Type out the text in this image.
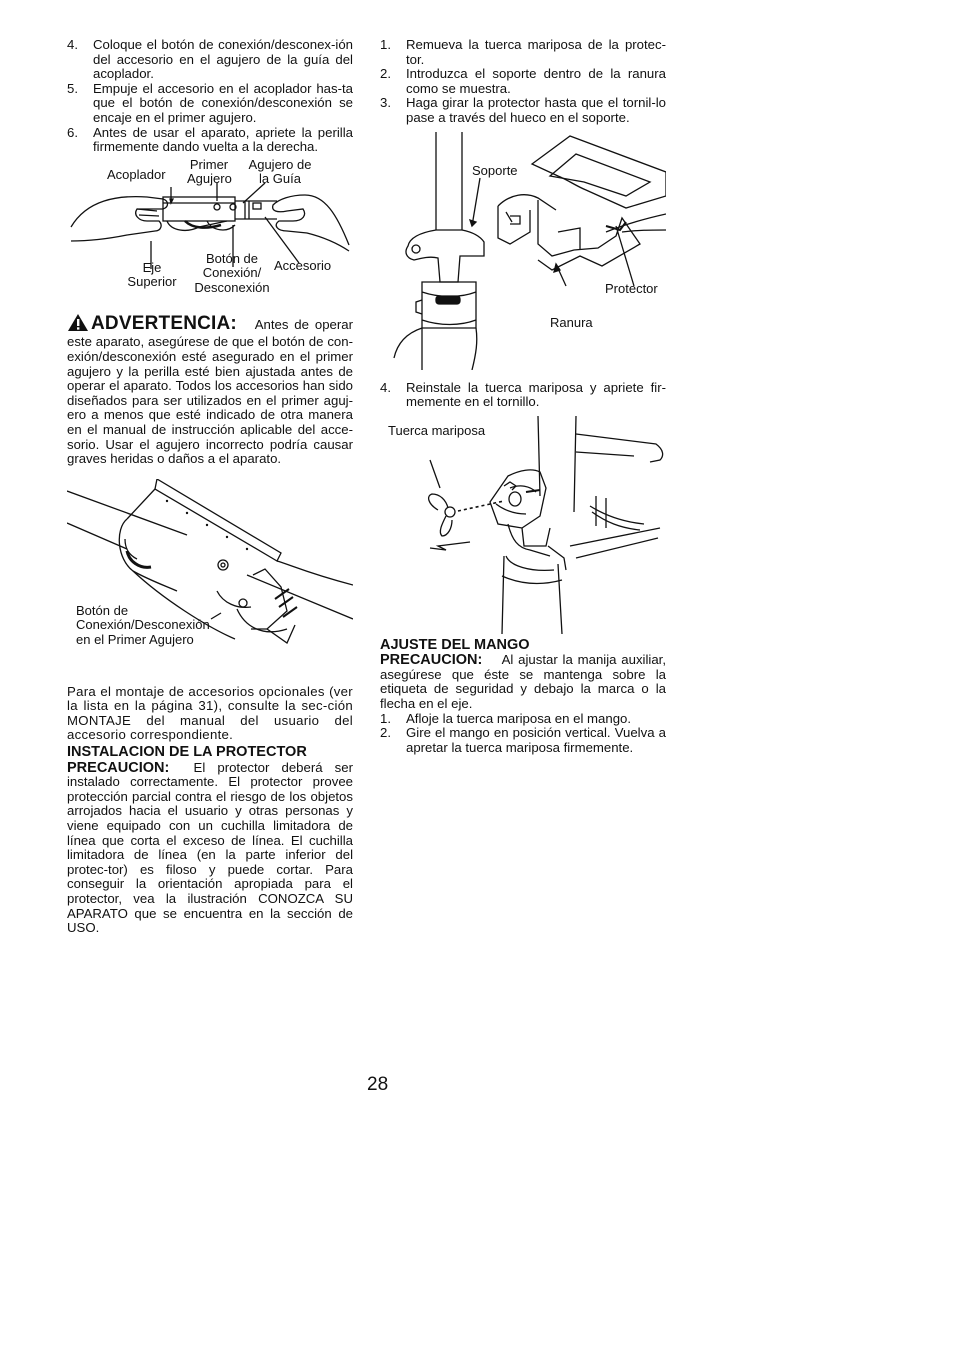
4.	Coloque el botón de conexión/desconex-ión del accesorio en el agujero de la guía del acoplador.
5.	Empuje el accesorio en el acoplador has-ta que el botón de conexión/desconexión se encaje en el primer agujero.
6.	Antes de usar el aparato, apriete la perilla firmemente dando vuelta a la derecha.
Acoplador
Primer
Agujero
Agujero de
la Guía
Eje
Superior
Botón de
Conexión/
Desconexión
Accesorio

ADVERTENCIA: Antes de operar este aparato, asegúrese de que el botón de con-exión/desconexión esté asegurado en el primer agujero y la perilla esté bien ajustada antes de operar el aparato. Todos los accesorios han sido diseñados para ser utilizados en el primer aguj-ero a menos que esté indicado de otra manera en el manual de instrucción aplicable del acce-sorio. Usar el agujero incorrecto podría causar graves heridas o daños a el aparato.

Botón de
Conexión/Desconexión
en el Primer Agujero

Para el montaje de accesorios opcionales (ver la lista en la página 31), consulte la sec-ción MONTAJE del manual del usuario del accesorio correspondiente.

INSTALACION DE LA PROTECTOR

PRECAUCION: El protector deberá ser instalado correctamente. El protector provee protección parcial contra el riesgo de los objetos arrojados hacia el usuario y otras personas y viene equipado con un cuchilla limitadora de línea que corta el exceso de línea. El cuchilla limitadora de línea (en la parte inferior del protec-tor) es filoso y puede cortar. Para conseguir la orientación apropiada para el protector, vea la ilustración CONOZCA SU APARATO que se encuentra en la sección de USO.

1.	Remueva la tuerca mariposa de la protec-tor.
2.	Introduzca el soporte dentro de la ranura como se muestra.
3.	Haga girar la protector hasta que el tornil-lo pase a través del hueco en el soporte.
Soporte
Protector
Ranura
4.	Reinstale la tuerca mariposa y apriete fir-memente en el tornillo.
Tuerca mariposa

AJUSTE DEL MANGO

PRECAUCION: Al ajustar la manija auxiliar, asegúrese que éste se mantenga sobre la etiqueta de seguridad y debajo la marca o la flecha en el eje.

1.	Afloje la tuerca mariposa en el mango.
2.	Gire el mango en posición vertical. Vuelva a apretar la tuerca mariposa firmemente.
28
